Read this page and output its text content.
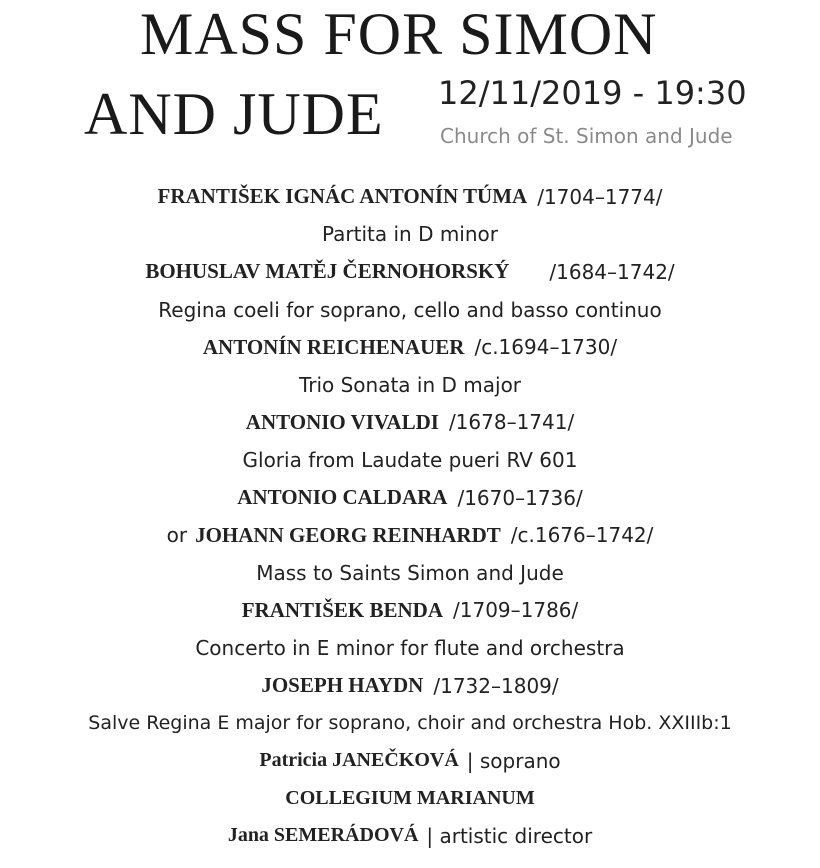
MASS FOR SIMON
AND JUDE 12/11/2019 - 19:30
Church of St. Simon and Jude
FRANTIŠEK IGNÁC ANTONÍN TÚMA /1704–1774/
Partita in D minor
BOHUSLAV MATĚJ ČERNOHORSKÝ /1684–1742/
Regina coeli for soprano, cello and basso continuo
ANTONÍN REICHENAUER /c.1694–1730/
Trio Sonata in D major
ANTONIO VIVALDI /1678–1741/
Gloria from Laudate pueri RV 601
ANTONIO CALDARA /1670–1736/
or JOHANN GEORG REINHARDT /c.1676–1742/
Mass to Saints Simon and Jude
FRANTIŠEK BENDA /1709–1786/
Concerto in E minor for flute and orchestra
JOSEPH HAYDN /1732–1809/
Salve Regina E major for soprano, choir and orchestra Hob. XXIIIb:1
Patricia JANEČKOVÁ | soprano
COLLEGIUM MARIANUM
Jana SEMERÁDOVÁ | artistic director
